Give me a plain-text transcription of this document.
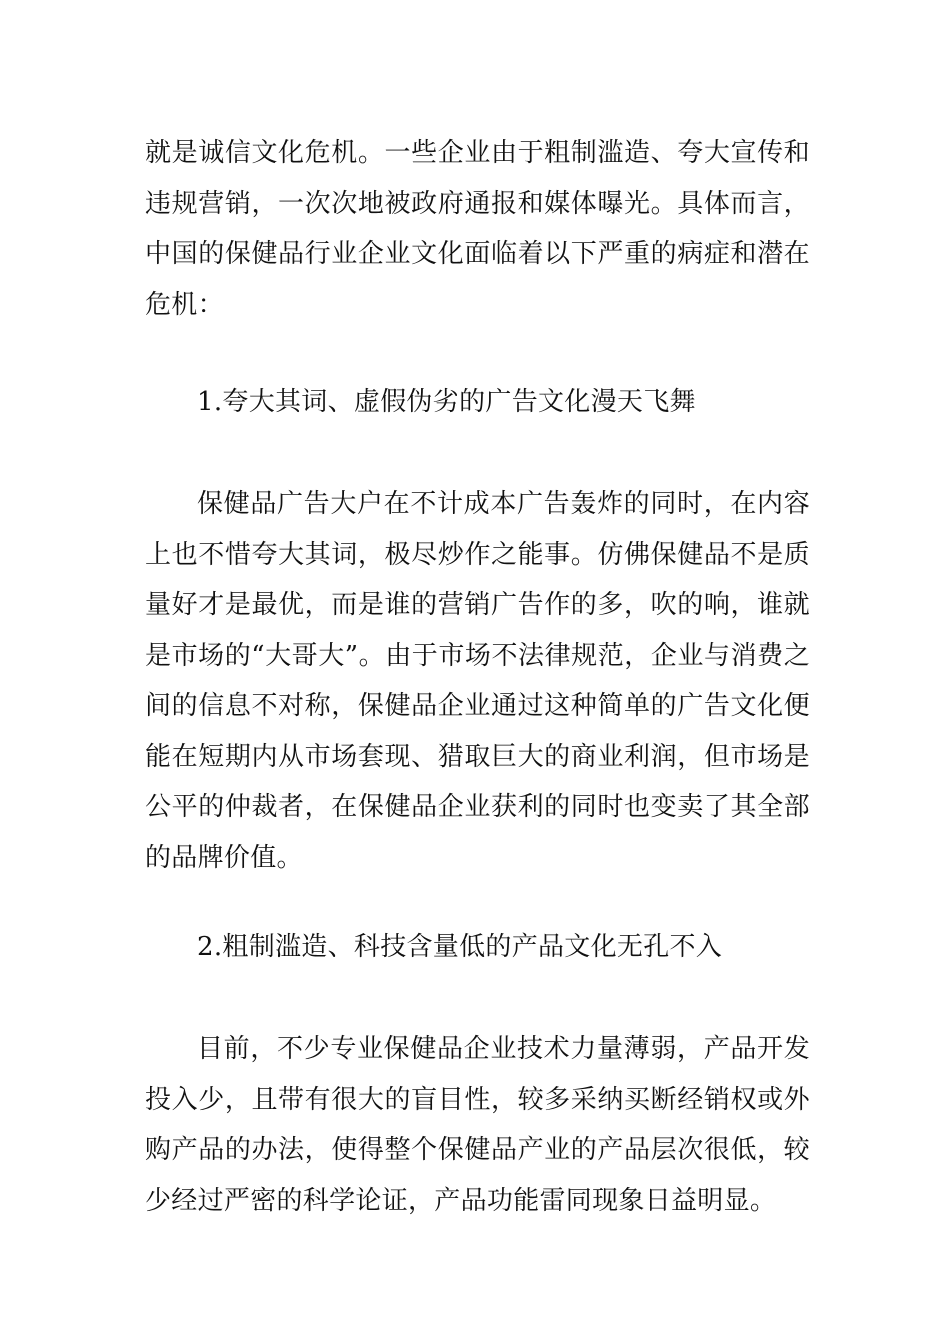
就是诚信文化危机。一些企业由于粗制滥造、夸大宣传和违规营销，一次次地被政府通报和媒体曝光。具体而言，中国的保健品行业企业文化面临着以下严重的病症和潜在危机：
1.夸大其词、虚假伪劣的广告文化漫天飞舞
保健品广告大户在不计成本广告轰炸的同时，在内容上也不惜夸大其词，极尽炒作之能事。仿佛保健品不是质量好才是最优，而是谁的营销广告作的多，吹的响，谁就是市场的“大哥大”。由于市场不法律规范，企业与消费之间的信息不对称，保健品企业通过这种简单的广告文化便能在短期内从市场套现、猎取巨大的商业利润，但市场是公平的仲裁者，在保健品企业获利的同时也变卖了其全部的品牌价值。
2.粗制滥造、科技含量低的产品文化无孔不入
目前，不少专业保健品企业技术力量薄弱，产品开发投入少，且带有很大的盲目性，较多采纳买断经销权或外购产品的办法，使得整个保健品产业的产品层次很低，较少经过严密的科学论证，产品功能雷同现象日益明显。
